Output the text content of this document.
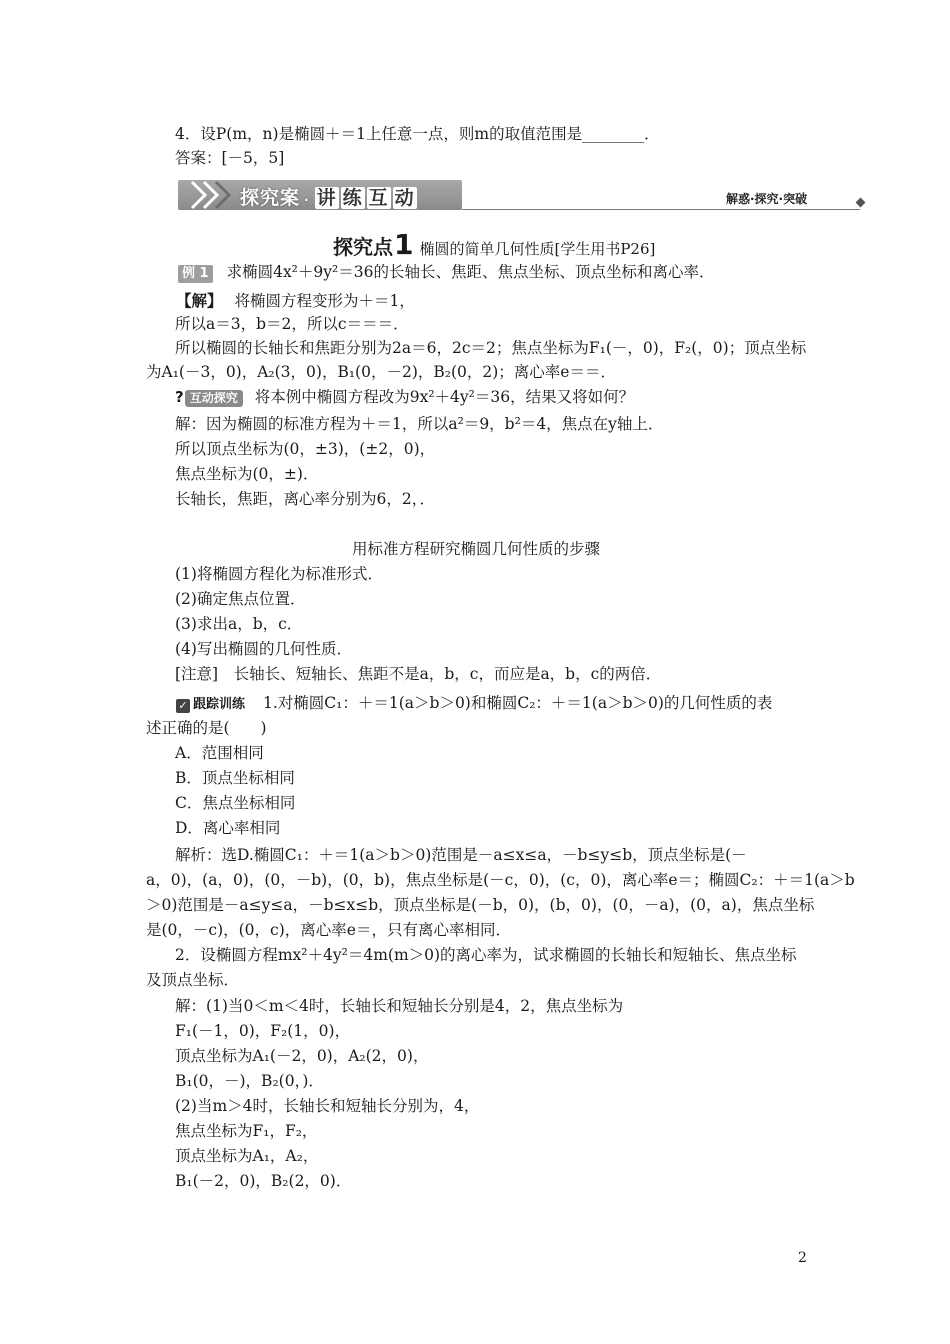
4．设P(m，n)是椭圆＋＝1上任意一点，则m的取值范围是________．
答案：[－5，5]
探究案 · 讲 练 互 动	解惑·探究·突破
探究点1 椭圆的简单几何性质[学生用书P26]
例 1 求椭圆4x²＋9y²＝36的长轴长、焦距、焦点坐标、顶点坐标和离心率．
【解】 将椭圆方程变形为＋＝1，
所以a＝3，b＝2，所以c＝＝＝．
所以椭圆的长轴长和焦距分别为2a＝6，2c＝2；焦点坐标为F₁(－，0)，F₂(，0)；顶点坐标
为A₁(－3，0)，A₂(3，0)，B₁(0，－2)，B₂(0，2)；离心率e＝＝．
? 互动探究 将本例中椭圆方程改为9x²＋4y²＝36，结果又将如何？
解：因为椭圆的标准方程为＋＝1，所以a²＝9，b²＝4，焦点在y轴上．
所以顶点坐标为(0，±3)，(±2，0)，
焦点坐标为(0，±)．
长轴长，焦距，离心率分别为6，2，．
用标准方程研究椭圆几何性质的步骤
(1)将椭圆方程化为标准形式．
(2)确定焦点位置．
(3)求出a，b，c．
(4)写出椭圆的几何性质．
[注意]　长轴长、短轴长、焦距不是a，b，c，而应是a，b，c的两倍．
✓ 跟踪训练 1.对椭圆C₁：＋＝1(a＞b＞0)和椭圆C₂：＋＝1(a＞b＞0)的几何性质的表
述正确的是(　　)
A．范围相同
B．顶点坐标相同
C．焦点坐标相同
D．离心率相同
解析：选D.椭圆C₁：＋＝1(a＞b＞0)范围是－a≤x≤a，－b≤y≤b，顶点坐标是(－
a，0)，(a，0)，(0，－b)，(0，b)，焦点坐标是(－c，0)，(c，0)，离心率e＝；椭圆C₂：＋＝1(a＞b
＞0)范围是－a≤y≤a，－b≤x≤b，顶点坐标是(－b，0)，(b，0)，(0，－a)，(0，a)，焦点坐标
是(0，－c)，(0，c)，离心率e＝，只有离心率相同．
2．设椭圆方程mx²＋4y²＝4m(m＞0)的离心率为，试求椭圆的长轴长和短轴长、焦点坐标
及顶点坐标．
解：(1)当0＜m＜4时，长轴长和短轴长分别是4，2，焦点坐标为
F₁(－1，0)，F₂(1，0)，
顶点坐标为A₁(－2，0)，A₂(2，0)，
B₁(0，－)，B₂(0，)．
(2)当m＞4时，长轴长和短轴长分别为，4，
焦点坐标为F₁，F₂，
顶点坐标为A₁，A₂，
B₁(－2，0)，B₂(2，0)．
2
